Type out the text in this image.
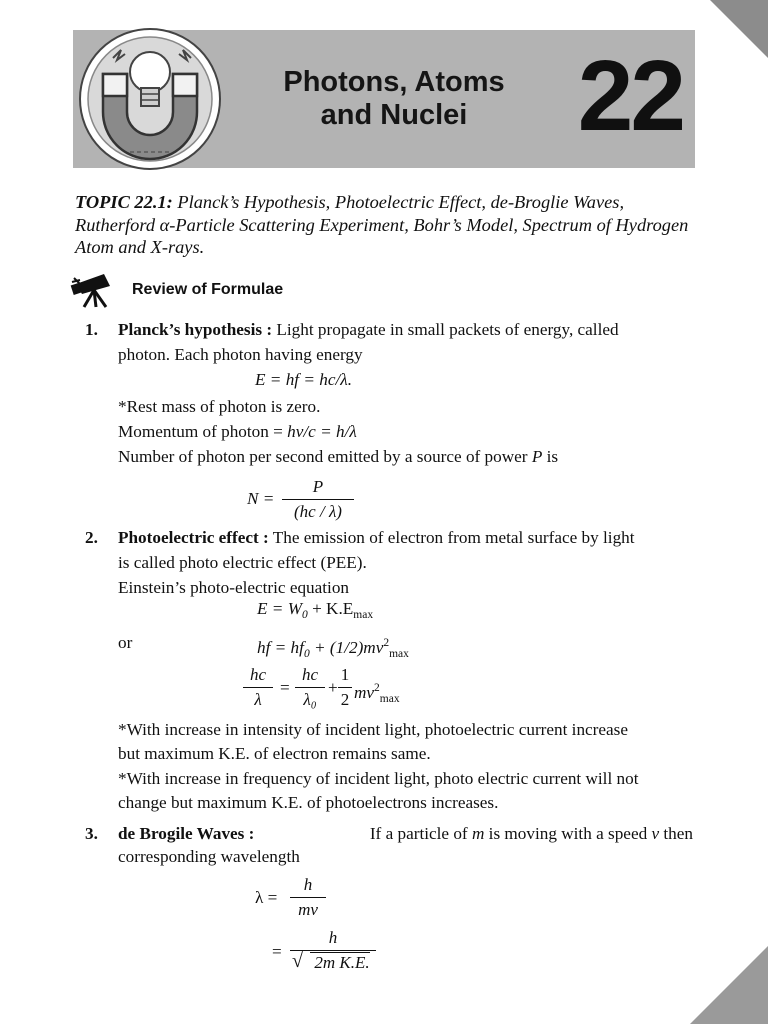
Photons, Atoms
and Nuclei	22
TOPIC 22.1: Planck’s Hypothesis, Photoelectric Effect, de-Broglie Waves, Rutherford α-Particle Scattering Experiment, Bohr’s Model, Spectrum of Hydrogen Atom and X-rays.
Review of Formulae
1. Planck’s hypothesis : Light propagate in small packets of energy, called
photon. Each photon having energy
E = hf = hc/λ.
*Rest mass of photon is zero.
Momentum of photon = hν/c = h/λ
Number of photon per second emitted by a source of power P is
N =
P
(hc / λ)
2. Photoelectric effect : The emission of electron from metal surface by light
is called photo electric effect (PEE).
Einstein’s photo-electric equation
$E = W_0 + K.E_{max}$
or	hf = $hf_0 + (1/2)mv^2_{max}$
hc
λ
=
hc
λ₀
+
1
2 $mv^2_{max}$
*With increase in intensity of incident light, photoelectric current increase
but maximum K.E. of electron remains same.
*With increase in frequency of incident light, photo electric current will not
change but maximum K.E. of photoelectrons increases.
3. de Brogile Waves :	If a particle of m is moving with a speed v then
corresponding wavelength
λ =
h
mv
=
h
√ 2m K.E.
